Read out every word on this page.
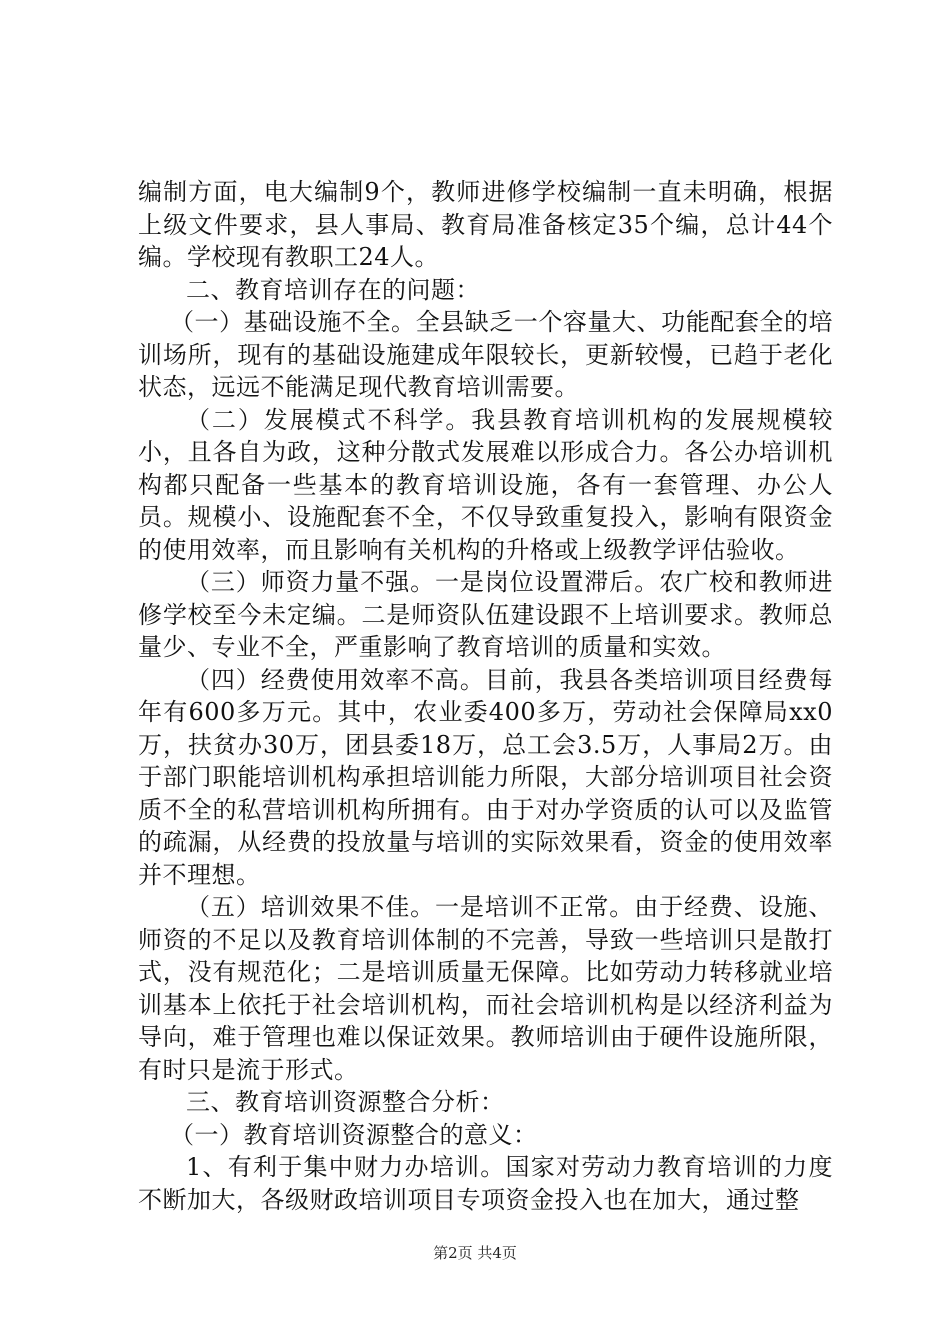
编制方面，电大编制9个，教师进修学校编制一直未明确，根据上级文件要求，县人事局、教育局准备核定35个编，总计44个编。学校现有教职工24人。

二、教育培训存在的问题：

（一）基础设施不全。全县缺乏一个容量大、功能配套全的培训场所，现有的基础设施建成年限较长，更新较慢，已趋于老化状态，远远不能满足现代教育培训需要。

（二）发展模式不科学。我县教育培训机构的发展规模较小，且各自为政，这种分散式发展难以形成合力。各公办培训机构都只配备一些基本的教育培训设施，各有一套管理、办公人员。规模小、设施配套不全，不仅导致重复投入，影响有限资金的使用效率，而且影响有关机构的升格或上级教学评估验收。

（三）师资力量不强。一是岗位设置滞后。农广校和教师进修学校至今未定编。二是师资队伍建设跟不上培训要求。教师总量少、专业不全，严重影响了教育培训的质量和实效。

（四）经费使用效率不高。目前，我县各类培训项目经费每年有600多万元。其中，农业委400多万，劳动社会保障局xx0万，扶贫办30万，团县委18万，总工会3.5万，人事局2万。由于部门职能培训机构承担培训能力所限，大部分培训项目社会资质不全的私营培训机构所拥有。由于对办学资质的认可以及监管的疏漏，从经费的投放量与培训的实际效果看，资金的使用效率并不理想。

（五）培训效果不佳。一是培训不正常。由于经费、设施、师资的不足以及教育培训体制的不完善，导致一些培训只是散打式，没有规范化；二是培训质量无保障。比如劳动力转移就业培训基本上依托于社会培训机构，而社会培训机构是以经济利益为导向，难于管理也难以保证效果。教师培训由于硬件设施所限，有时只是流于形式。

三、教育培训资源整合分析：

（一）教育培训资源整合的意义：

1、有利于集中财力办培训。国家对劳动力教育培训的力度不断加大，各级财政培训项目专项资金投入也在加大，通过整

第2页 共4页
